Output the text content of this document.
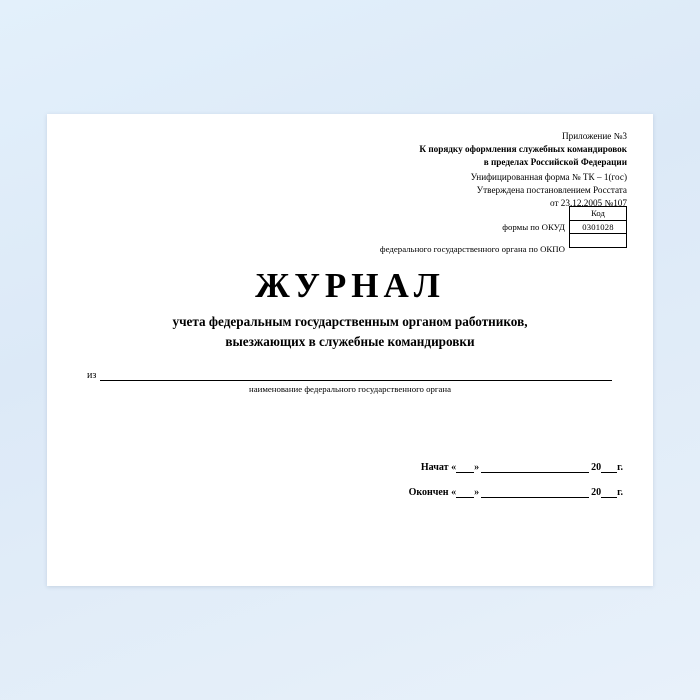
Приложение №3
К порядку оформления служебных командировок
в пределах Российской Федерации
Унифицированная форма № ТК – 1(гос)
Утверждена постановлением Росстата
от 23.12.2005 №107
Код
0301028
формы по ОКУД
федерального государственного органа по ОКПО
ЖУРНАЛ
учета федеральным государственным органом работников,
выезжающих в служебные командировки
из
наименование федерального государственного органа
Начат « »	20 г.
Окончен « »	20 г.
